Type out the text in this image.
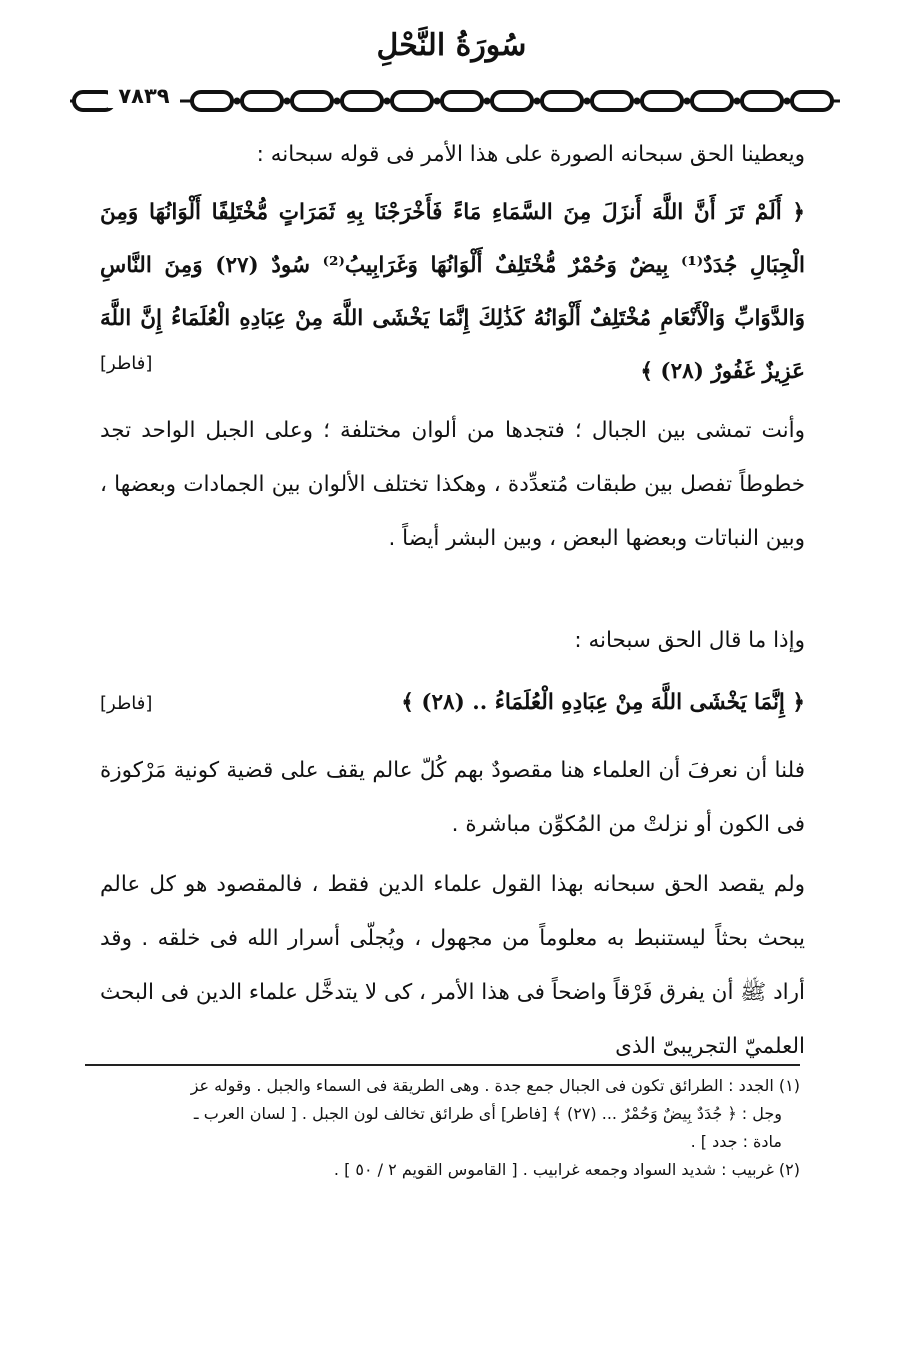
سُورَةُ النَّحْلِ
٧٨٣٩
ويعطينا الحق سبحانه الصورة على هذا الأمر فى قوله سبحانه :
﴿ أَلَمْ تَرَ أَنَّ اللَّهَ أَنزَلَ مِنَ السَّمَاءِ مَاءً فَأَخْرَجْنَا بِهِ ثَمَرَاتٍ مُّخْتَلِفًا أَلْوَانُهَا وَمِنَ الْجِبَالِ جُدَدٌ⁽¹⁾ بِيضٌ وَحُمْرٌ مُّخْتَلِفٌ أَلْوَانُهَا وَغَرَابِيبُ⁽²⁾ سُودٌ (٢٧) وَمِنَ النَّاسِ وَالدَّوَابِّ وَالْأَنْعَامِ مُخْتَلِفٌ أَلْوَانُهُ كَذَٰلِكَ إِنَّمَا يَخْشَى اللَّهَ مِنْ عِبَادِهِ الْعُلَمَاءُ إِنَّ اللَّهَ عَزِيزٌ غَفُورٌ (٢٨) ﴾
[فاطر]
وأنت تمشى بين الجبال ؛ فتجدها من ألوان مختلفة ؛ وعلى الجبل الواحد تجد خطوطاً تفصل بين طبقات مُتعدِّدة ، وهكذا تختلف الألوان بين الجمادات وبعضها ، وبين النباتات وبعضها البعض ، وبين البشر أيضاً .
وإذا ما قال الحق سبحانه :
﴿ إِنَّمَا يَخْشَى اللَّهَ مِنْ عِبَادِهِ الْعُلَمَاءُ .. (٢٨) ﴾
[فاطر]
فلنا أن نعرفَ أن العلماء هنا مقصودٌ بهم كُلّ عالم يقف على قضية كونية مَرْكوزة فى الكون أو نزلتْ من المُكوِّن مباشرة .
ولم يقصد الحق سبحانه بهذا القول علماء الدين فقط ، فالمقصود هو كل عالم يبحث بحثاً ليستنبط به معلوماً من مجهول ، ويُجلّى أسرار الله فى خلقه . وقد أراد ﷺ أن يفرق فَرْقاً واضحاً فى هذا الأمر ، كى لا يتدخَّل علماء الدين فى البحث العلميّ التجريبىّ الذى
(١) الجدد : الطرائق تكون فى الجبال جمع جدة . وهى الطريقة فى السماء والجبل . وقوله عز
وجل : ﴿ جُدَدٌ بِيضٌ وَحُمْرٌ ... (٢٧) ﴾ [فاطر] أى طرائق تخالف لون الجبل . [ لسان العرب ـ
مادة : جدد ] .
(٢) غربيب : شديد السواد وجمعه غرابيب . [ القاموس القويم ٢ / ٥٠ ] .
